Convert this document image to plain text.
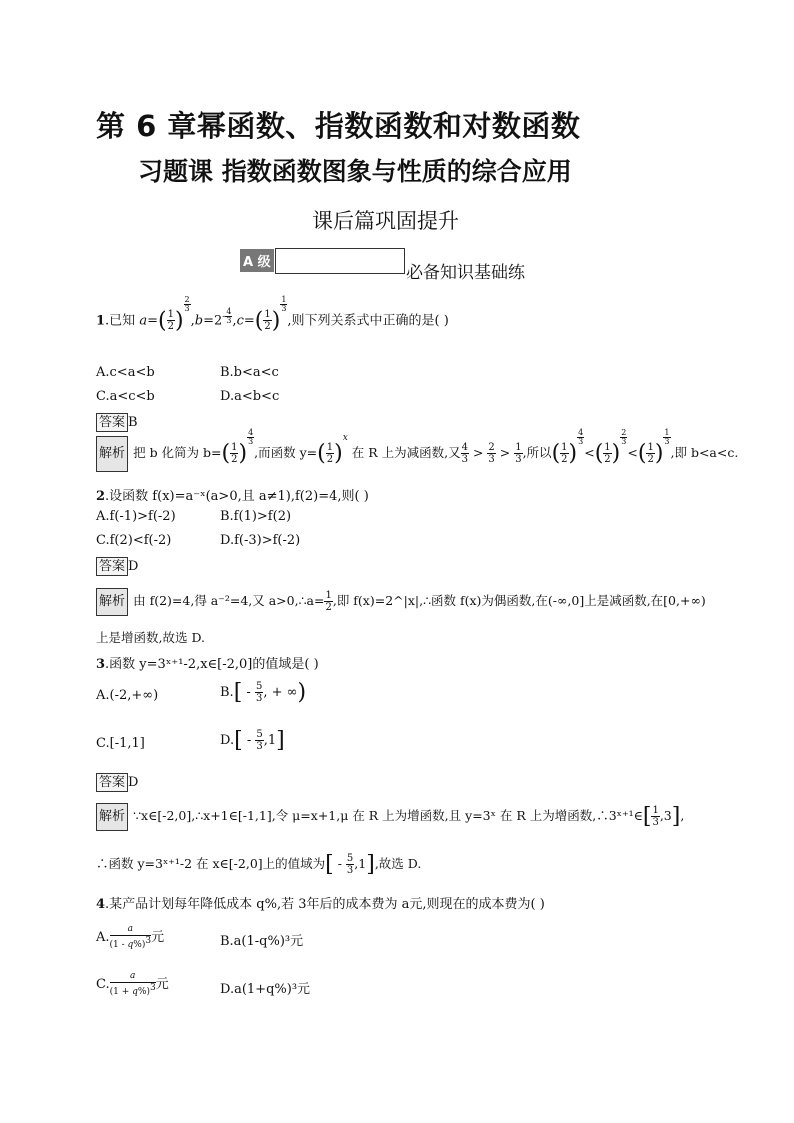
第 6 章幂函数、指数函数和对数函数
习题课 指数函数图象与性质的综合应用
课后篇巩固提升
A 级
必备知识基础练
1.已知 $a=( \frac{1}{2}$ )
$^{\frac{2}{3}}$
$,b=2^{- \frac{4}{3}}$ $,c=( \frac{1}{2}$ )
$^{\frac{1}{3}}$
,则下列关系式中正确的是( )
A.c<a<b	B.b<a<c
C.a<c<b	D.a<b<c
答案 B
解析 把 b 化简为 $b=( \frac{1}{2}$ )
$^{\frac{4}{3}}$
,而函数 $y=( \frac{1}{2} )^x$ 在 R 上为减函数,又 $\frac{4}{3} > \frac{2}{3} > \frac{1}{3}$ ,所以( $\frac{1}{2}$ )
$^{\frac{4}{3}}$
<( $\frac{1}{2}$ )
$^{\frac{2}{3}}$
<( $\frac{1}{2}$ )
$^{\frac{1}{3}}$
,即 b<a<c.
2.设函数 f(x)=a⁻ˣ(a>0,且 a≠1),f(2)=4,则( )
A.f(-1)>f(-2)	B.f(1)>f(2)
C.f(2)<f(-2)	D.f(-3)>f(-2)
答案 D
解析 由 f(2)=4,得 a⁻²=4,又 a>0,∴a= $\frac{1}{2}$ ,即 f(x)=2^|x|,∴函数 f(x)为偶函数,在(-∞,0]上是减函数,在[0,+∞)
上是增函数,故选 D.
3.函数 y=3ˣ⁺¹-2,x∈[-2,0]的值域是( )
A.(-2,+∞)	$B.[ - \frac{5}{3}$ , + ∞)
C.[-1,1]	$D.[ - \frac{5}{3} ,1]$
答案 D
解析 ∵x∈[-2,0],∴x+1∈[-1,1],令 μ=x+1,μ 在 R 上为增函数,且 y=3ˣ 在 R 上为增函数,∴3ˣ⁺¹∈[ $\frac{1}{3} ,3$],
∴函数 y=3ˣ⁺¹-2 在 x∈[-2,0]上的值域为[ - $\frac{5}{3} ,1$],故选 D.
4.某产品计划每年降低成本 q%,若 3年后的成本费为 a元,则现在的成本费为( )
A. $\frac{a}{(1 - q\%)^3}$ 元	B.a(1-q%)³元
C. $\frac{a}{(1 + q\%)^3}$ 元	D.a(1+q%)³元
